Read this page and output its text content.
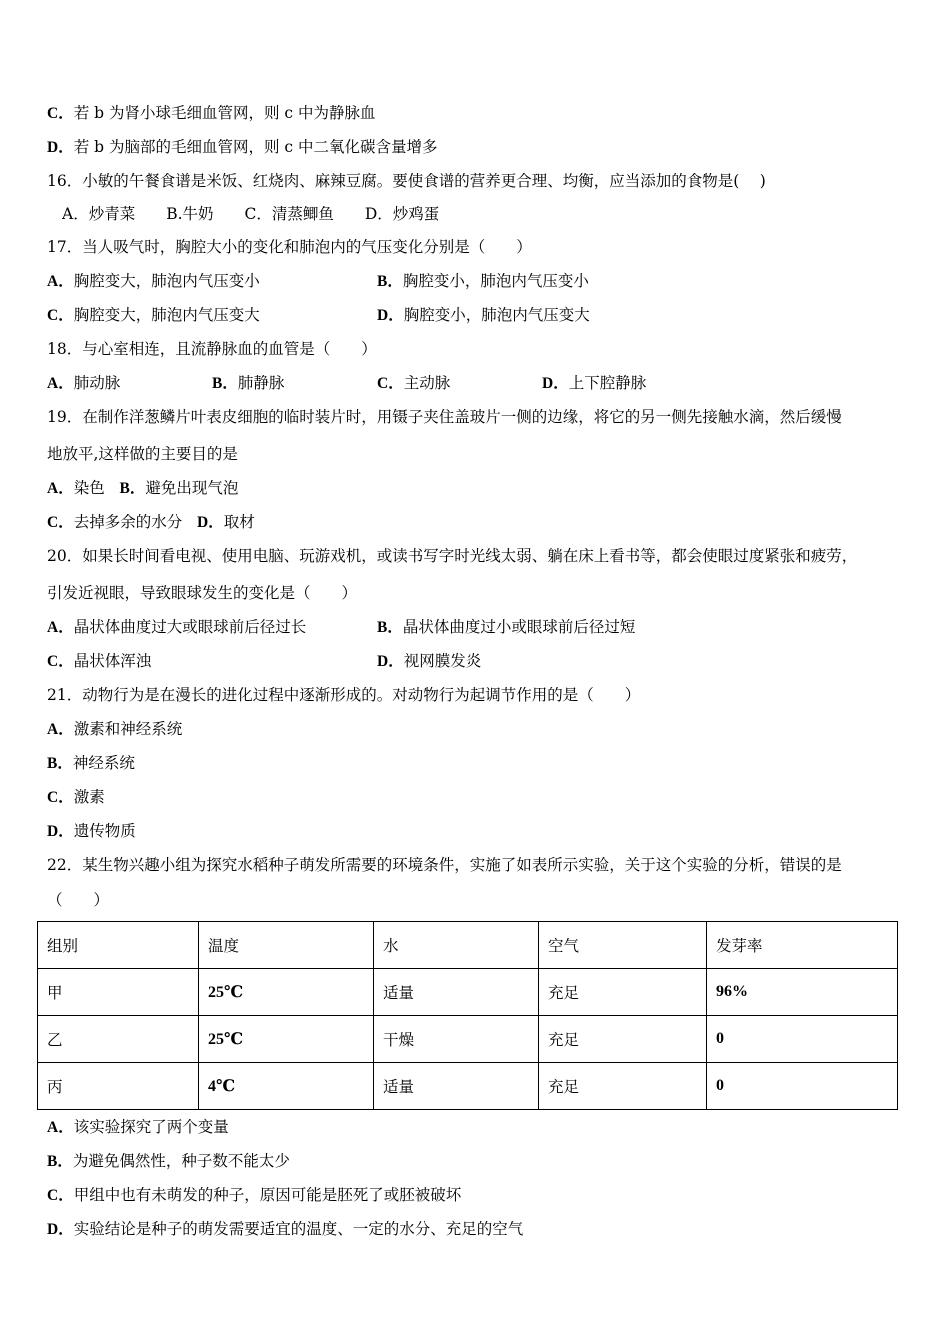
C．若 b 为肾小球毛细血管网，则 c 中为静脉血
D．若 b 为脑部的毛细血管网，则 c 中二氧化碳含量增多
16．小敏的午餐食谱是米饭、红烧肉、麻辣豆腐。要使食谱的营养更合理、均衡，应当添加的食物是(　 )
A．炒青菜　　B.牛奶　　C．清蒸鲫鱼　　D．炒鸡蛋
17．当人吸气时，胸腔大小的变化和肺泡内的气压变化分别是（　　）
A．胸腔变大，肺泡内气压变小	B．胸腔变小，肺泡内气压变小
C．胸腔变大，肺泡内气压变大	D．胸腔变小，肺泡内气压变大
18．与心室相连，且流静脉血的血管是（　　）
A．肺动脉	B．肺静脉	C．主动脉	D．上下腔静脉
19．在制作洋葱鳞片叶表皮细胞的临时装片时，用镊子夹住盖玻片一侧的边缘，将它的另一侧先接触水滴，然后缓慢
地放平,这样做的主要目的是
A．染色 B．避免出现气泡
C．去掉多余的水分 D．取材
20．如果长时间看电视、使用电脑、玩游戏机，或读书写字时光线太弱、躺在床上看书等，都会使眼过度紧张和疲劳，
引发近视眼，导致眼球发生的变化是（　　）
A．晶状体曲度过大或眼球前后径过长	B．晶状体曲度过小或眼球前后径过短
C．晶状体浑浊	D．视网膜发炎
21．动物行为是在漫长的进化过程中逐渐形成的。对动物行为起调节作用的是（　　）
A．激素和神经系统
B．神经系统
C．激素
D．遗传物质
22．某生物兴趣小组为探究水稻种子萌发所需要的环境条件，实施了如表所示实验，关于这个实验的分析，错误的是
（　　）
组别	温度	水	空气	发芽率
甲	25℃	适量	充足	96%
乙	25℃	干燥	充足	0
丙	4℃	适量	充足	0
A．该实验探究了两个变量
B．为避免偶然性，种子数不能太少
C．甲组中也有未萌发的种子，原因可能是胚死了或胚被破坏
D．实验结论是种子的萌发需要适宜的温度、一定的水分、充足的空气
